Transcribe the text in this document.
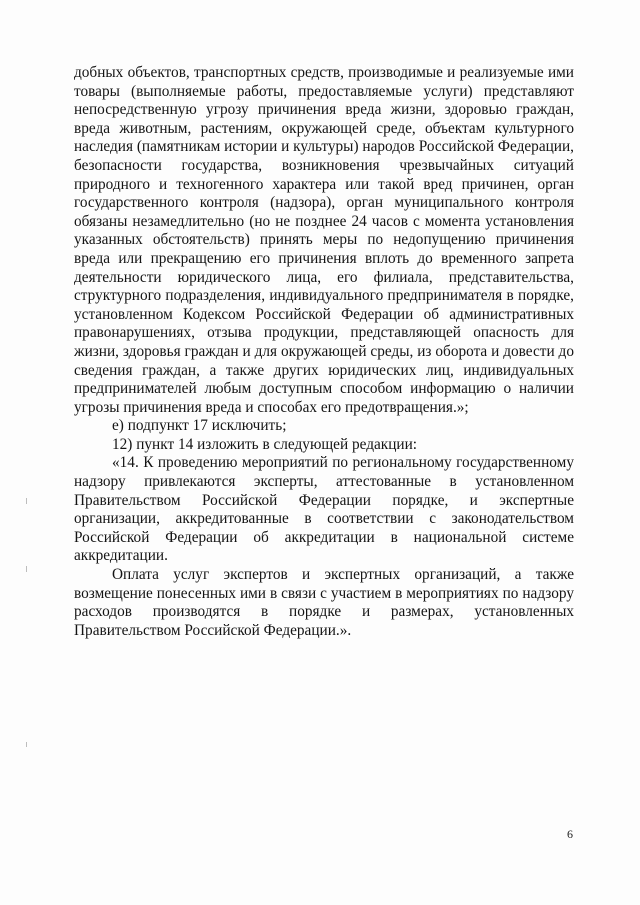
добных объектов, транспортных средств, производимые и реализуемые ими товары (выполняемые работы, предоставляемые услуги) представляют непосредственную угрозу причинения вреда жизни, здоровью граждан, вреда животным, растениям, окружающей среде, объектам культурного наследия (памятникам истории и культуры) народов Российской Федерации, безопасности государства, возникновения чрезвычайных ситуаций природного и техногенного характера или такой вред причинен, орган государственного контроля (надзора), орган муниципального контроля обязаны незамедлительно (но не позднее 24 часов с момента установления указанных обстоятельств) принять меры по недопущению причинения вреда или прекращению его причинения вплоть до временного запрета деятельности юридического лица, его филиала, представительства, структурного подразделения, индивидуального предпринимателя в порядке, установленном Кодексом Российской Федерации об административных правонарушениях, отзыва продукции, представляющей опасность для жизни, здоровья граждан и для окружающей среды, из оборота и довести до сведения граждан, а также других юридических лиц, индивидуальных предпринимателей любым доступным способом информацию о наличии угрозы причинения вреда и способах его предотвращения.»;

е) подпункт 17 исключить;

12) пункт 14 изложить в следующей редакции:

«14. К проведению мероприятий по региональному государственному надзору привлекаются эксперты, аттестованные в установленном Правительством Российской Федерации порядке, и экспертные организации, аккредитованные в соответствии с законодательством Российской Федерации об аккредитации в национальной системе аккредитации.

Оплата услуг экспертов и экспертных организаций, а также возмещение понесенных ими в связи с участием в мероприятиях по надзору расходов производятся в порядке и размерах, установленных Правительством Российской Федерации.».

6
